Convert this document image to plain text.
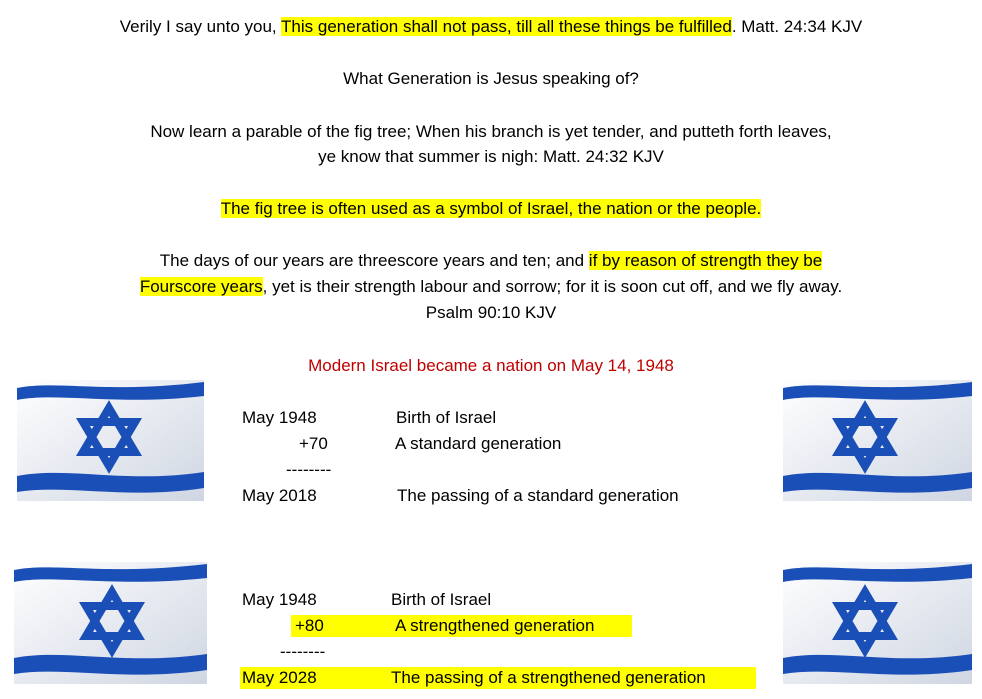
Verily I say unto you, This generation shall not pass, till all these things be fulfilled. Matt. 24:34 KJV
What Generation is Jesus speaking of?
Now learn a parable of the fig tree; When his branch is yet tender, and putteth forth leaves,
ye know that summer is nigh: Matt. 24:32 KJV
The fig tree is often used as a symbol of Israel, the nation or the people.
The days of our years are threescore years and ten; and if by reason of strength they be
Fourscore years, yet is their strength labour and sorrow; for it is soon cut off, and we fly away.
Psalm 90:10 KJV
Modern Israel became a nation on May 14, 1948
May 1948	Birth of Israel
+70	A standard generation
--------
May 2018	The passing of a standard generation
May 1948	Birth of Israel
+80	A strengthened generation
--------
May 2028	The passing of a strengthened generation
